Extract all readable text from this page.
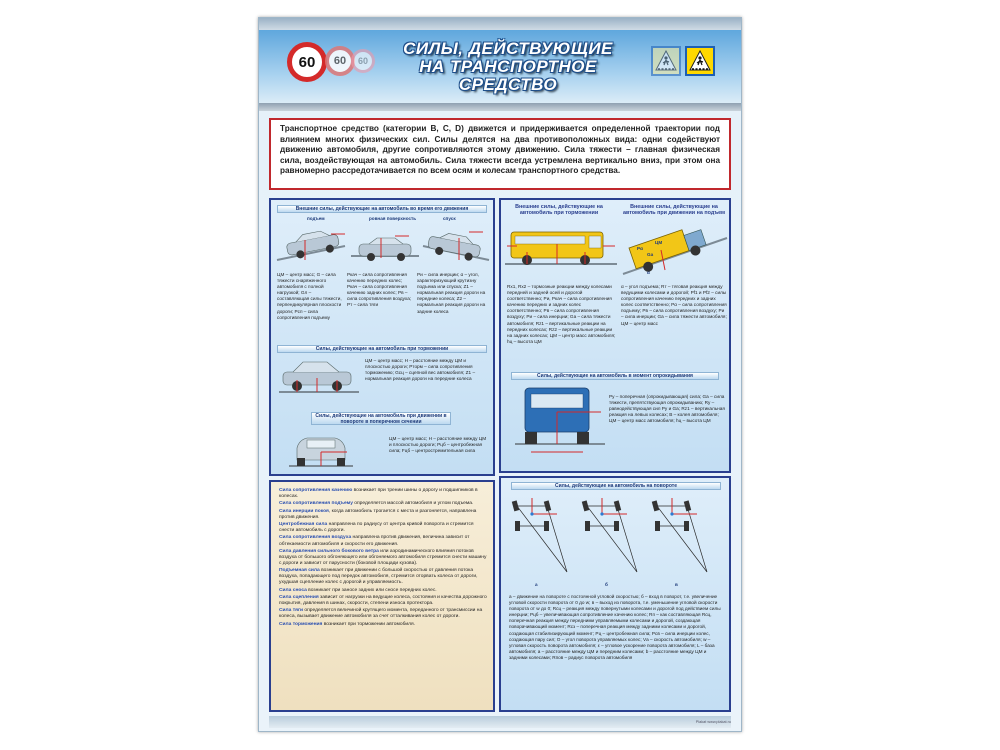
60	60	60
СИЛЫ, ДЕЙСТВУЮЩИЕ
НА ТРАНСПОРТНОЕ СРЕДСТВО
Транспортное средство (категории В, С, D) движется и придерживается определенной траектории под влиянием многих физических сил. Силы делятся на два противоположных вида: одни содействуют движению автомобиля, другие сопротивляются этому движению. Сила тяжести – главная физическая сила, воздействующая на автомобиль. Сила тяжести всегда устремлена вертикально вниз, при этом она равномерно рассредотачивается по всем осям и колесам транспортного средства.
Внешние силы, действующие на автомобиль во время его движения
подъем	ровная поверхность	спуск
ЦМ – центр масс; G – сила тяжести снаряженного автомобиля с полной нагрузкой; Gл – составляющая силы тяжести, перпендикулярная плоскости дороги; Pсп – сила сопротивления подъему
Pкач – сила сопротивления качению передних колес; Pкач – сила сопротивления качению задних колес; Pв – сила сопротивления воздуха; Pт – сила тяги
Pи – сила инерции; α – угол, характеризующий крутизну подъема или спуска; Z1 – нормальная реакция дороги на передние колеса; Z2 – нормальная реакция дороги на задние колеса
Силы, действующие на автомобиль при торможении
ЦМ – центр масс; H – расстояние между ЦМ и плоскостью дороги; Pторм – сила сопротивления торможению; Gсц – сцепной вес автомобиля; Z1 – нормальная реакция дороги на передние колеса
Силы, действующие на автомобиль при движении в повороте в поперечном сечении
ЦМ – центр масс; H – расстояние между ЦМ и плоскостью дороги; Pцб – центробежная сила; Fцб – центростремительная сила
Внешние силы, действующие на автомобиль при торможении
Внешние силы, действующие на автомобиль при движении на подъем
ЦМ
Gа
Pα
α
Rx1, Rx2 – тормозные реакции между колесами передней и задней осей и дорогой соответственно; Pи, Pкач – сила сопротивления качению передних и задних колес соответственно; Pв – сила сопротивления воздуху; Pи – сила инерции; Gа – сила тяжести автомобиля; Rz1 – вертикальные реакции на передних колесах; Rz2 – вертикальные реакции на задних колесах; ЦМ – центр масс автомобиля; hц – высота ЦМ
α – угол подъема; Rт – тяговая реакция между ведущими колесами и дорогой; Pf1 и Pf2 – силы сопротивления качению передних и задних колес соответственно; Pα – сила сопротивления подъему; Pв – сила сопротивления воздуху; Pи – сила инерции; Gа – сила тяжести автомобиля; ЦМ – центр масс
Силы, действующие на автомобиль в момент опрокидывания
Py – поперечная (опрокидывающая) сила; Gа – сила тяжести, препятствующая опрокидыванию; Rу – равнодействующая сил Ру и Gа; Rz1 – вертикальная реакция на левых колесах; B – колея автомобиля; ЦМ – центр масс автомобиля; hц – высота ЦМ

Сила сопротивления качению возникает при трении шины о дорогу и подшипников в колесах.

Сила сопротивления подъему определяется массой автомобиля и углом подъема.

Сила инерции покоя, когда автомобиль трогается с места и разгоняется, направлена против движения.

Центробежная сила направлена по радиусу от центра кривой поворота и стремится снести автомобиль с дороги.

Сила сопротивления воздуха направлена против движения, величина зависит от обтекаемости автомобиля и скорости его движения.

Сила давления сильного бокового ветра или аэродинамического влияния потоков воздуха от большого обгоняющего или обгоняемого автомобиля стремится снести машину с дороги и зависит от парусности (боковой площади кузова).

Подъемная сила возникает при движении с большой скоростью от давления потока воздуха, попадающего под передок автомобиля, стремится оторвать колеса от дороги, ухудшая сцепление колес с дорогой и управляемость.

Сила сноса возникает при заносе задних или сносе передних колес.

Сила сцепления зависит от нагрузки на ведущие колеса, состояния и качества дорожного покрытия, давления в шинах, скорости, степени износа протектора.

Сила тяги определяется величиной крутящего момента, переданного от трансмиссии на колеса, вызывает движение автомобиля за счет отталкивания колес от дороги.

Сила торможения возникает при торможении автомобиля.

Силы, действующие на автомобиль на повороте
а	б	в
а – движение на повороте с постоянной угловой скоростью; б – вход в поворот, т.е. увеличение угловой скорости поворота от 0 до w; в – выход из поворота, т.е. уменьшение угловой скорости поворота от w до 0; Rсц – реакция между повернутыми колесами и дорогой под действием силы инерции; Pцб – увеличивающая сопротивление качению колес; Rп – как составляющая Rсц, поперечная реакция между передними управляемыми колесами и дорогой, создающая поворачивающий момент; Rсз – поперечная реакция между задними колесами и дорогой, создающая стабилизирующий момент; Pц – центробежная сила; Pсв – сила инерции колес, создающая пару сил; O – угол поворота управляемых колес; Vа – скорость автомобиля; w – угловая скорость поворота автомобиля; ε – угловое ускорение поворота автомобиля; L – база автомобиля; a – расстояние между ЦМ и передним колесами; b – расстояние между ЦМ и задними колесами; Rпов – радиус поворота автомобиля
Plakat www.plakat.ru
